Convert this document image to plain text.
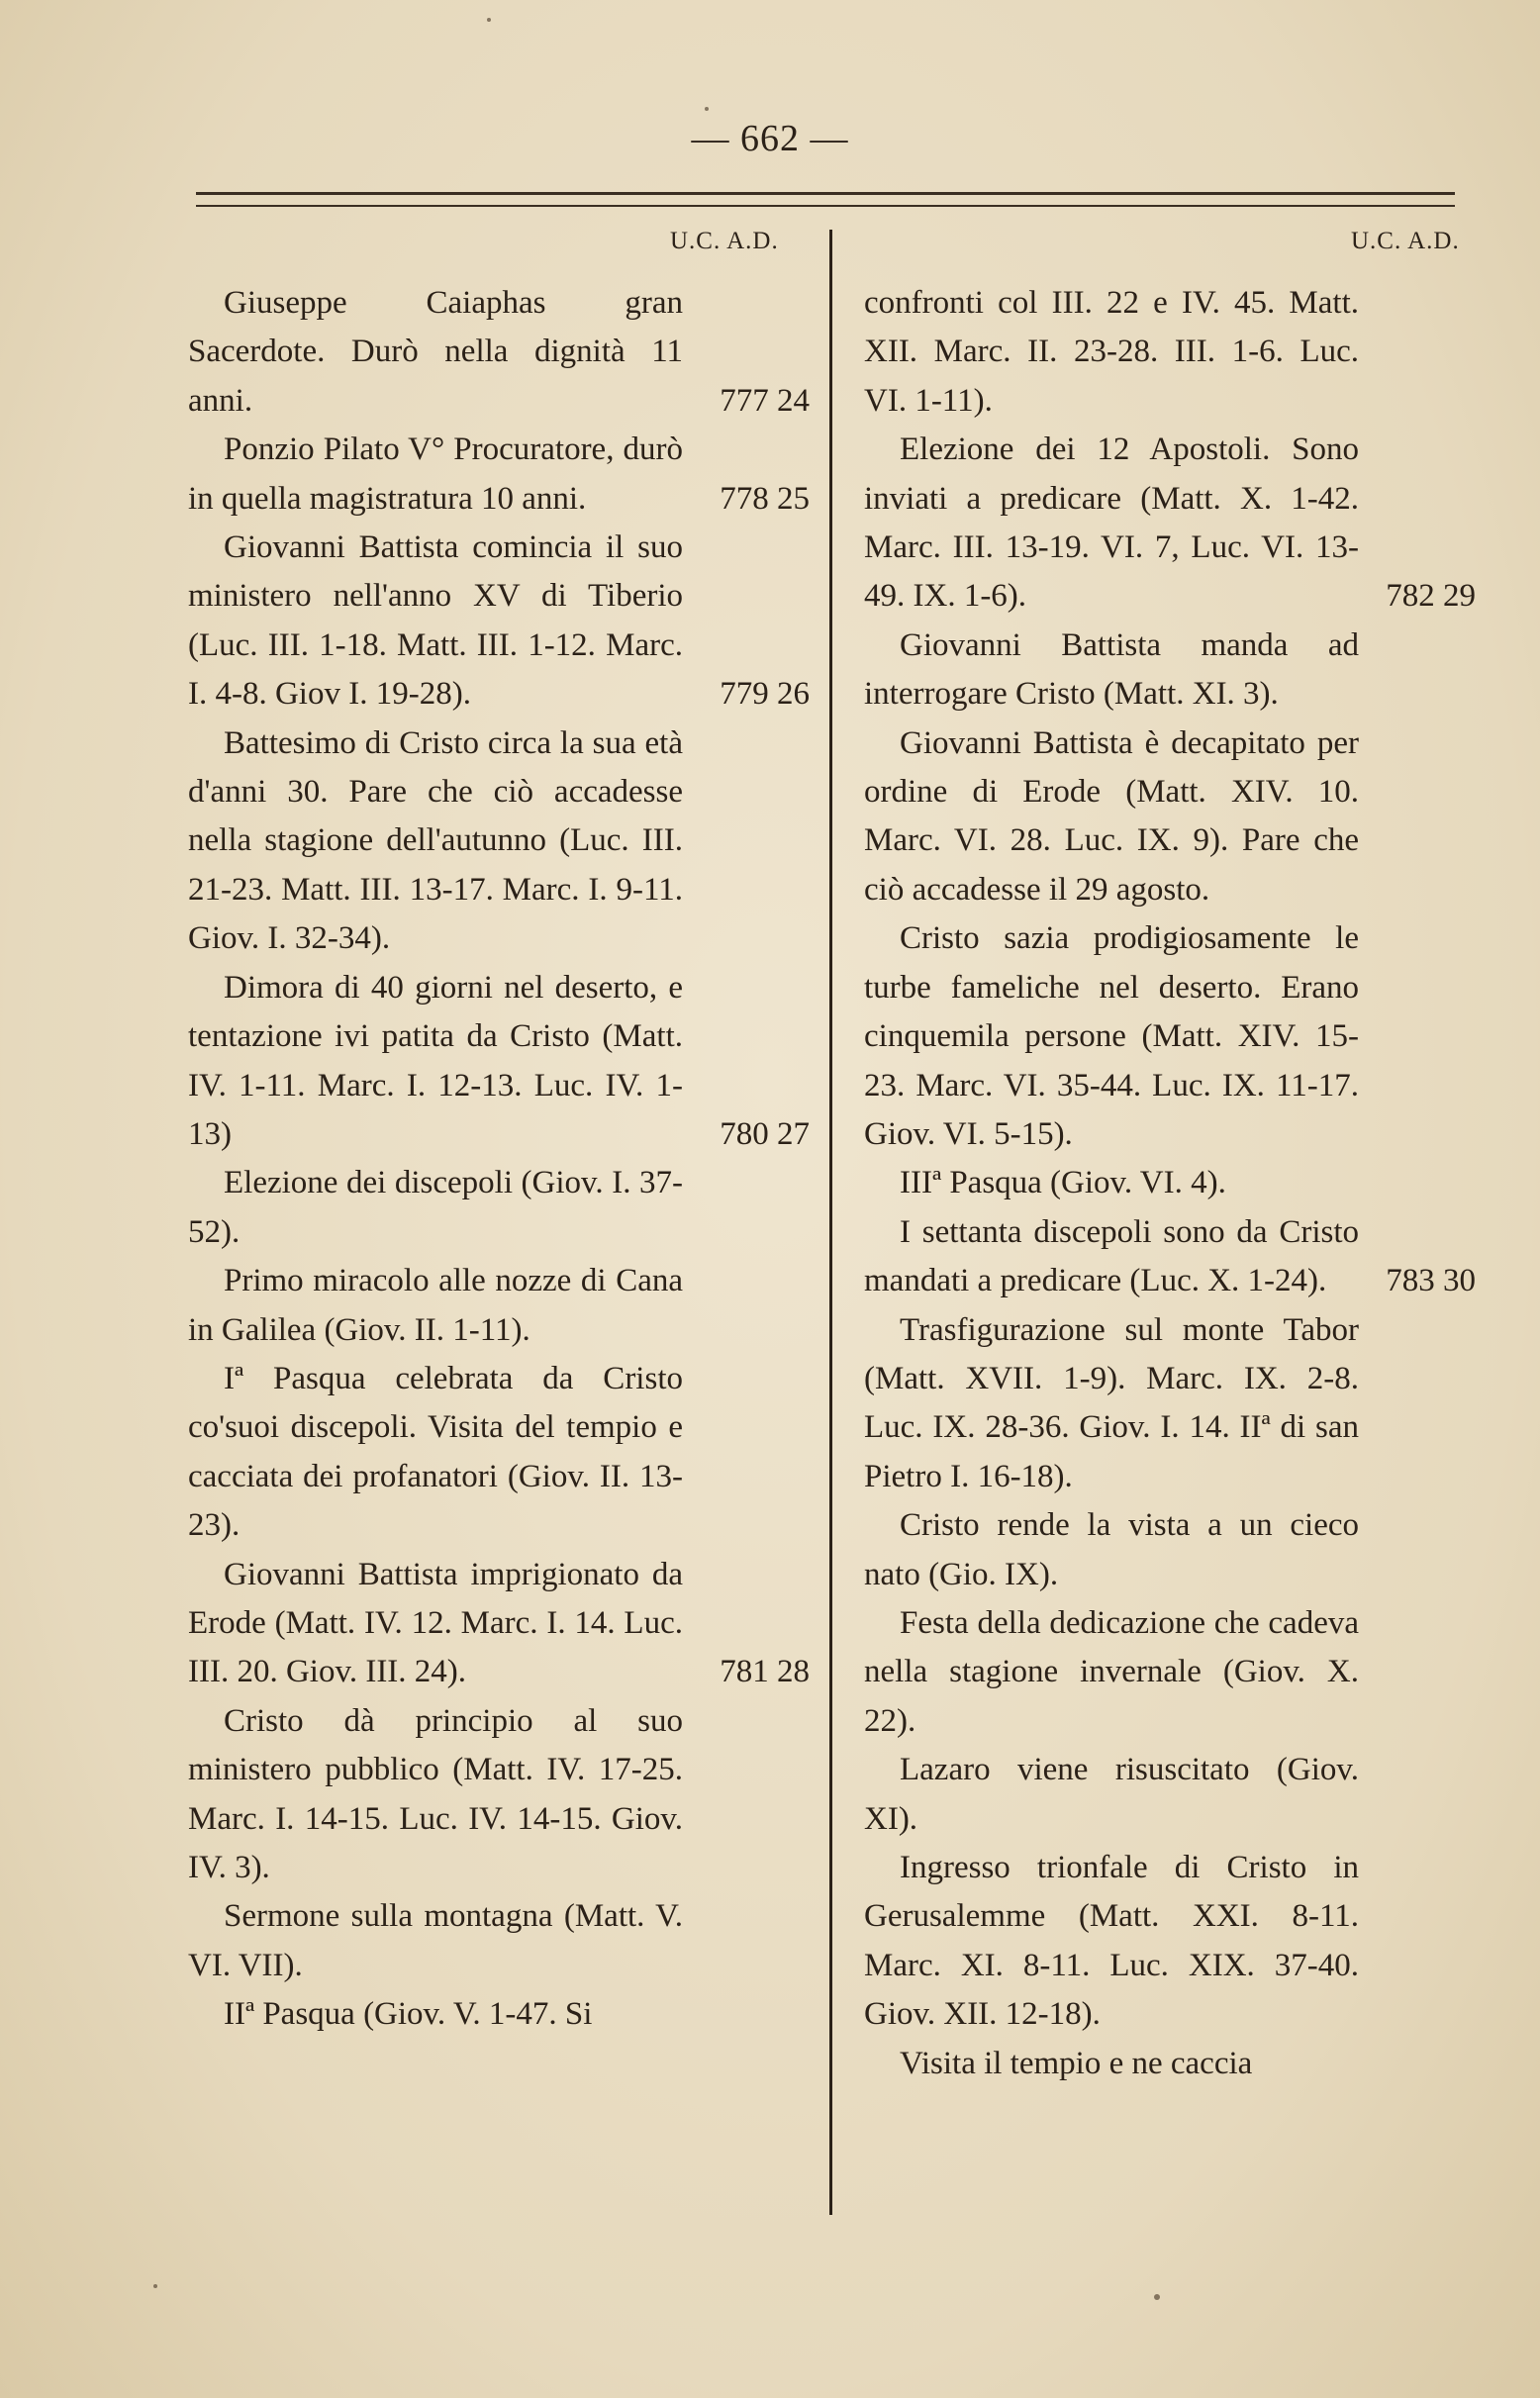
— 662 —
U.C. A.D.	U.C. A.D.
Giuseppe Caiaphas gran Sacerdote. Durò nella dignità 11 anni.	777 24
Ponzio Pilato V° Procuratore, durò in quella magistratura 10 anni.	778 25
Giovanni Battista comincia il suo ministero nell'anno XV di Tiberio (Luc. III. 1-18. Matt. III. 1-12. Marc. I. 4-8. Giov I. 19-28).	779 26
Battesimo di Cristo circa la sua età d'anni 30. Pare che ciò accadesse nella stagione dell'autunno (Luc. III. 21-23. Matt. III. 13-17. Marc. I. 9-11. Giov. I. 32-34).
Dimora di 40 giorni nel deserto, e tentazione ivi patita da Cristo (Matt. IV. 1-11. Marc. I. 12-13. Luc. IV. 1-13)	780 27
Elezione dei discepoli (Giov. I. 37-52).
Primo miracolo alle nozze di Cana in Galilea (Giov. II. 1-11).
Iª Pasqua celebrata da Cristo co'suoi discepoli. Visita del tempio e cacciata dei profanatori (Giov. II. 13-23).
Giovanni Battista imprigionato da Erode (Matt. IV. 12. Marc. I. 14. Luc. III. 20. Giov. III. 24).	781 28
Cristo dà principio al suo ministero pubblico (Matt. IV. 17-25. Marc. I. 14-15. Luc. IV. 14-15. Giov. IV. 3).
Sermone sulla montagna (Matt. V. VI. VII).
IIª Pasqua (Giov. V. 1-47. Si
confronti col III. 22 e IV. 45. Matt. XII. Marc. II. 23-28. III. 1-6. Luc. VI. 1-11).
Elezione dei 12 Apostoli. Sono inviati a predicare (Matt. X. 1-42. Marc. III. 13-19. VI. 7, Luc. VI. 13-49. IX. 1-6).	782 29
Giovanni Battista manda ad interrogare Cristo (Matt. XI. 3).
Giovanni Battista è decapitato per ordine di Erode (Matt. XIV. 10. Marc. VI. 28. Luc. IX. 9). Pare che ciò accadesse il 29 agosto.
Cristo sazia prodigiosamente le turbe fameliche nel deserto. Erano cinquemila persone (Matt. XIV. 15-23. Marc. VI. 35-44. Luc. IX. 11-17. Giov. VI. 5-15).
IIIª Pasqua (Giov. VI. 4).
I settanta discepoli sono da Cristo mandati a predicare (Luc. X. 1-24). 783 30
Trasfigurazione sul monte Tabor (Matt. XVII. 1-9). Marc. IX. 2-8. Luc. IX. 28-36. Giov. I. 14. IIª di san Pietro I. 16-18).
Cristo rende la vista a un cieco nato (Gio. IX).
Festa della dedicazione che cadeva nella stagione invernale (Giov. X. 22).
Lazaro viene risuscitato (Giov. XI).
Ingresso trionfale di Cristo in Gerusalemme (Matt. XXI. 8-11. Marc. XI. 8-11. Luc. XIX. 37-40. Giov. XII. 12-18).
Visita il tempio e ne caccia
